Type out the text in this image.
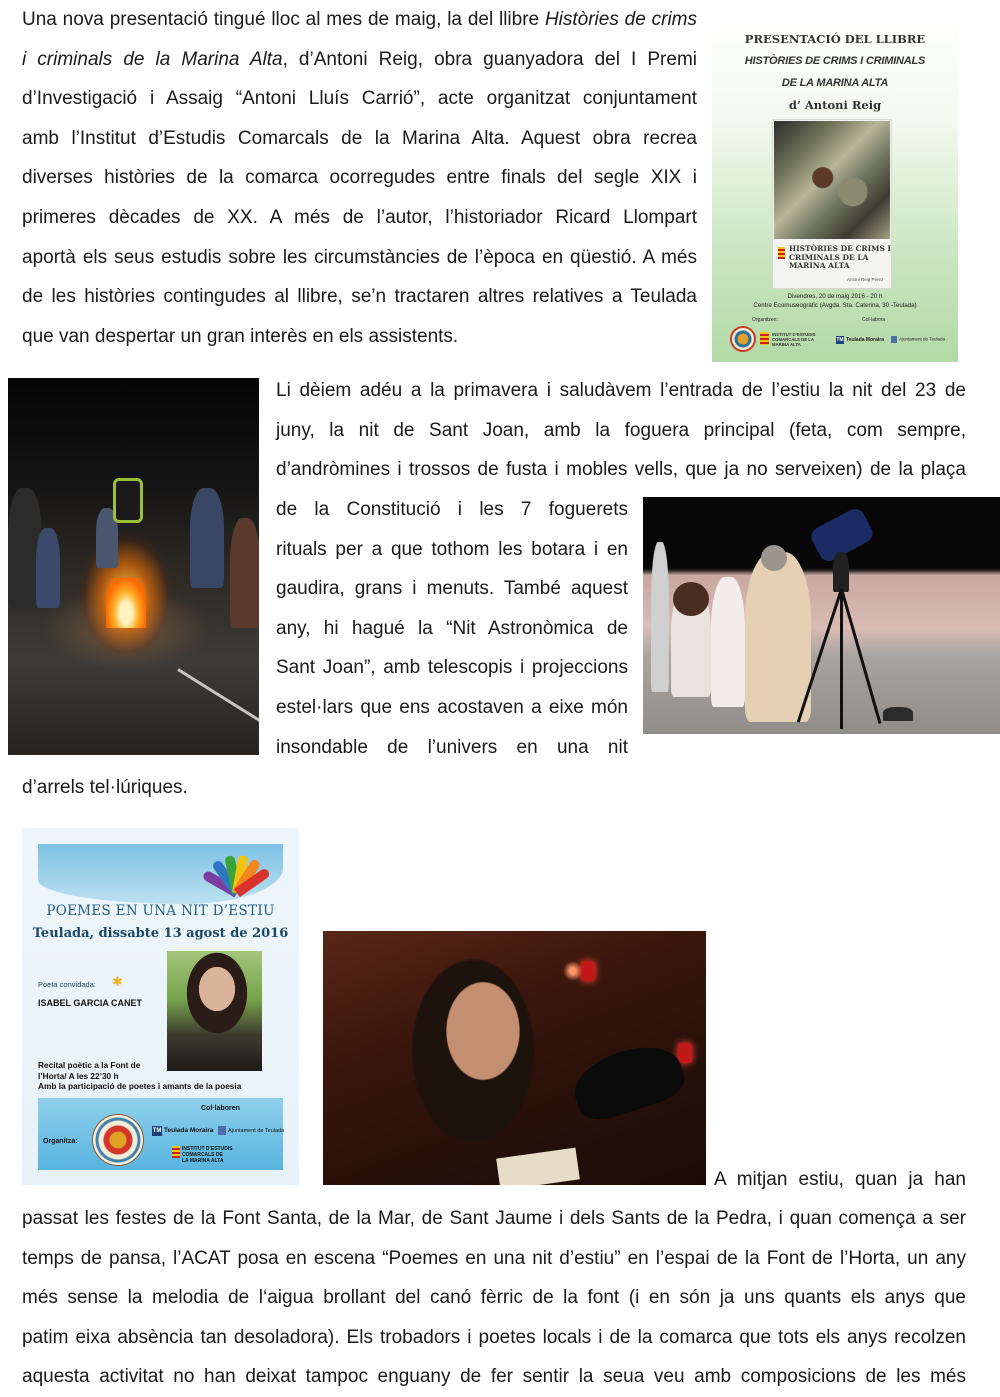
Una nova presentació tingué lloc al mes de maig, la del llibre Històries de crims
i criminals de la Marina Alta, d’Antoni Reig, obra guanyadora del I Premi
d’Investigació i Assaig “Antoni Lluís Carrió”, acte organitzat conjuntament
amb l’Institut d’Estudis Comarcals de la Marina Alta. Aquest obra recrea
diverses històries de la comarca ocorregudes entre finals del segle XIX i
primeres dècades de XX. A més de l’autor, l’historiador Ricard Llompart
aportà els seus estudis sobre les circumstàncies de l’època en qüestió. A més
de les històries contingudes al llibre, se’n tractaren altres relatives a Teulada
que van despertar un gran interès en els assistents.
PRESENTACIÓ DEL LLIBRE
HISTÒRIES DE CRIMS I CRIMINALS
DE LA MARINA ALTA
d’ Antoni Reig
HISTÒRIES DE CRIMS I CRIMINALS DE LA MARINA ALTA
Antoni Reig Pérez
Divendres, 20 de maig 2016 - 20 h
Centre Ecomuseogràfic (Avgda. Sta. Caterina, 30 -Teulada)
Organitzen:	Col·labora
INSTITUT D’ESTUDIS COMARCALS DE LA MARINA ALTA
TM Teulada Moraira	Ajuntament de Teulada
Li dèiem adéu a la primavera i saludàvem l’entrada de l’estiu la nit del 23 de
juny, la nit de Sant Joan, amb la foguera principal (feta, com sempre,
d’andròmines i trossos de fusta i mobles vells, que ja no serveixen) de la plaça
de la Constitució i les 7 foguerets
rituals per a que tothom les botara i en
gaudira, grans i menuts. També aquest
any, hi hagué la “Nit Astronòmica de
Sant Joan”, amb telescopis i projeccions
estel·lars que ens acostaven a eixe món
insondable de l’univers en una nit
d’arrels tel·lúriques.
POEMES EN UNA NIT D’ESTIU
Teulada, dissabte 13 agost de 2016
Poeta convidada: ✱
ISABEL GARCIA CANET
Recital poètic a la Font de
l’Horta/ A les 22’30 h
Amb la participació de poetes i amants de la poesia
Col·laboren
Organitza:
TM Teulada Moraira	Ajuntament de Teulada
INSTITUT D’ESTUDIS
COMARCALS DE
LA MARINA ALTA
A mitjan estiu, quan ja han
passat les festes de la Font Santa, de la Mar, de Sant Jaume i dels Sants de la Pedra, i quan comença a ser
temps de pansa, l’ACAT posa en escena “Poemes en una nit d’estiu” en l’espai de la Font de l’Horta, un any
més sense la melodia de l‘aigua brollant del canó fèrric de la font (i en són ja uns quants els anys que
patim eixa absència tan desoladora). Els trobadors i poetes locals i de la comarca que tots els anys recolzen
aquesta activitat no han deixat tampoc enguany de fer sentir la seua veu amb composicions de les més
